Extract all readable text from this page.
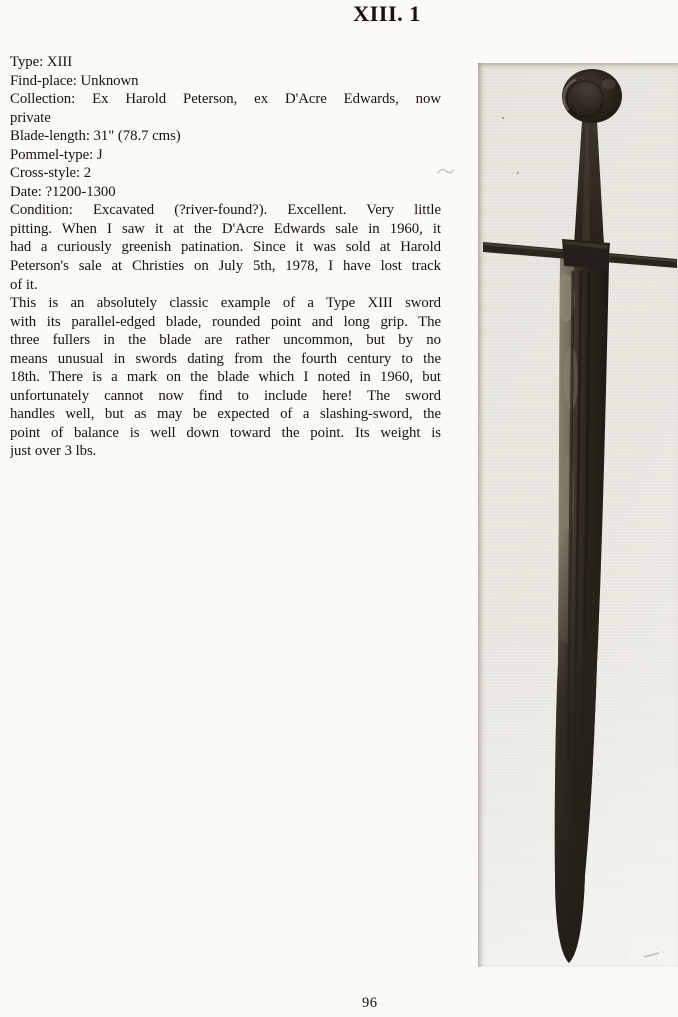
XIII. 1
Type: XIII
Find-place: Unknown
Collection: Ex Harold Peterson, ex D'Acre Edwards, now
private
Blade-length: 31" (78.7 cms)
Pommel-type: J
Cross-style: 2
Date: ?1200-1300
Condition: Excavated (?river-found?). Excellent. Very little
pitting. When I saw it at the D'Acre Edwards sale in 1960, it
had a curiously greenish patination. Since it was sold at Harold
Peterson's sale at Christies on July 5th, 1978, I have lost track
of it.
This is an absolutely classic example of a Type XIII sword
with its parallel-edged blade, rounded point and long grip. The
three fullers in the blade are rather uncommon, but by no
means unusual in swords dating from the fourth century to the
18th. There is a mark on the blade which I noted in 1960, but
unfortunately cannot now find to include here! The sword
handles well, but as may be expected of a slashing-sword, the
point of balance is well down toward the point. Its weight is
just over 3 lbs.
96
